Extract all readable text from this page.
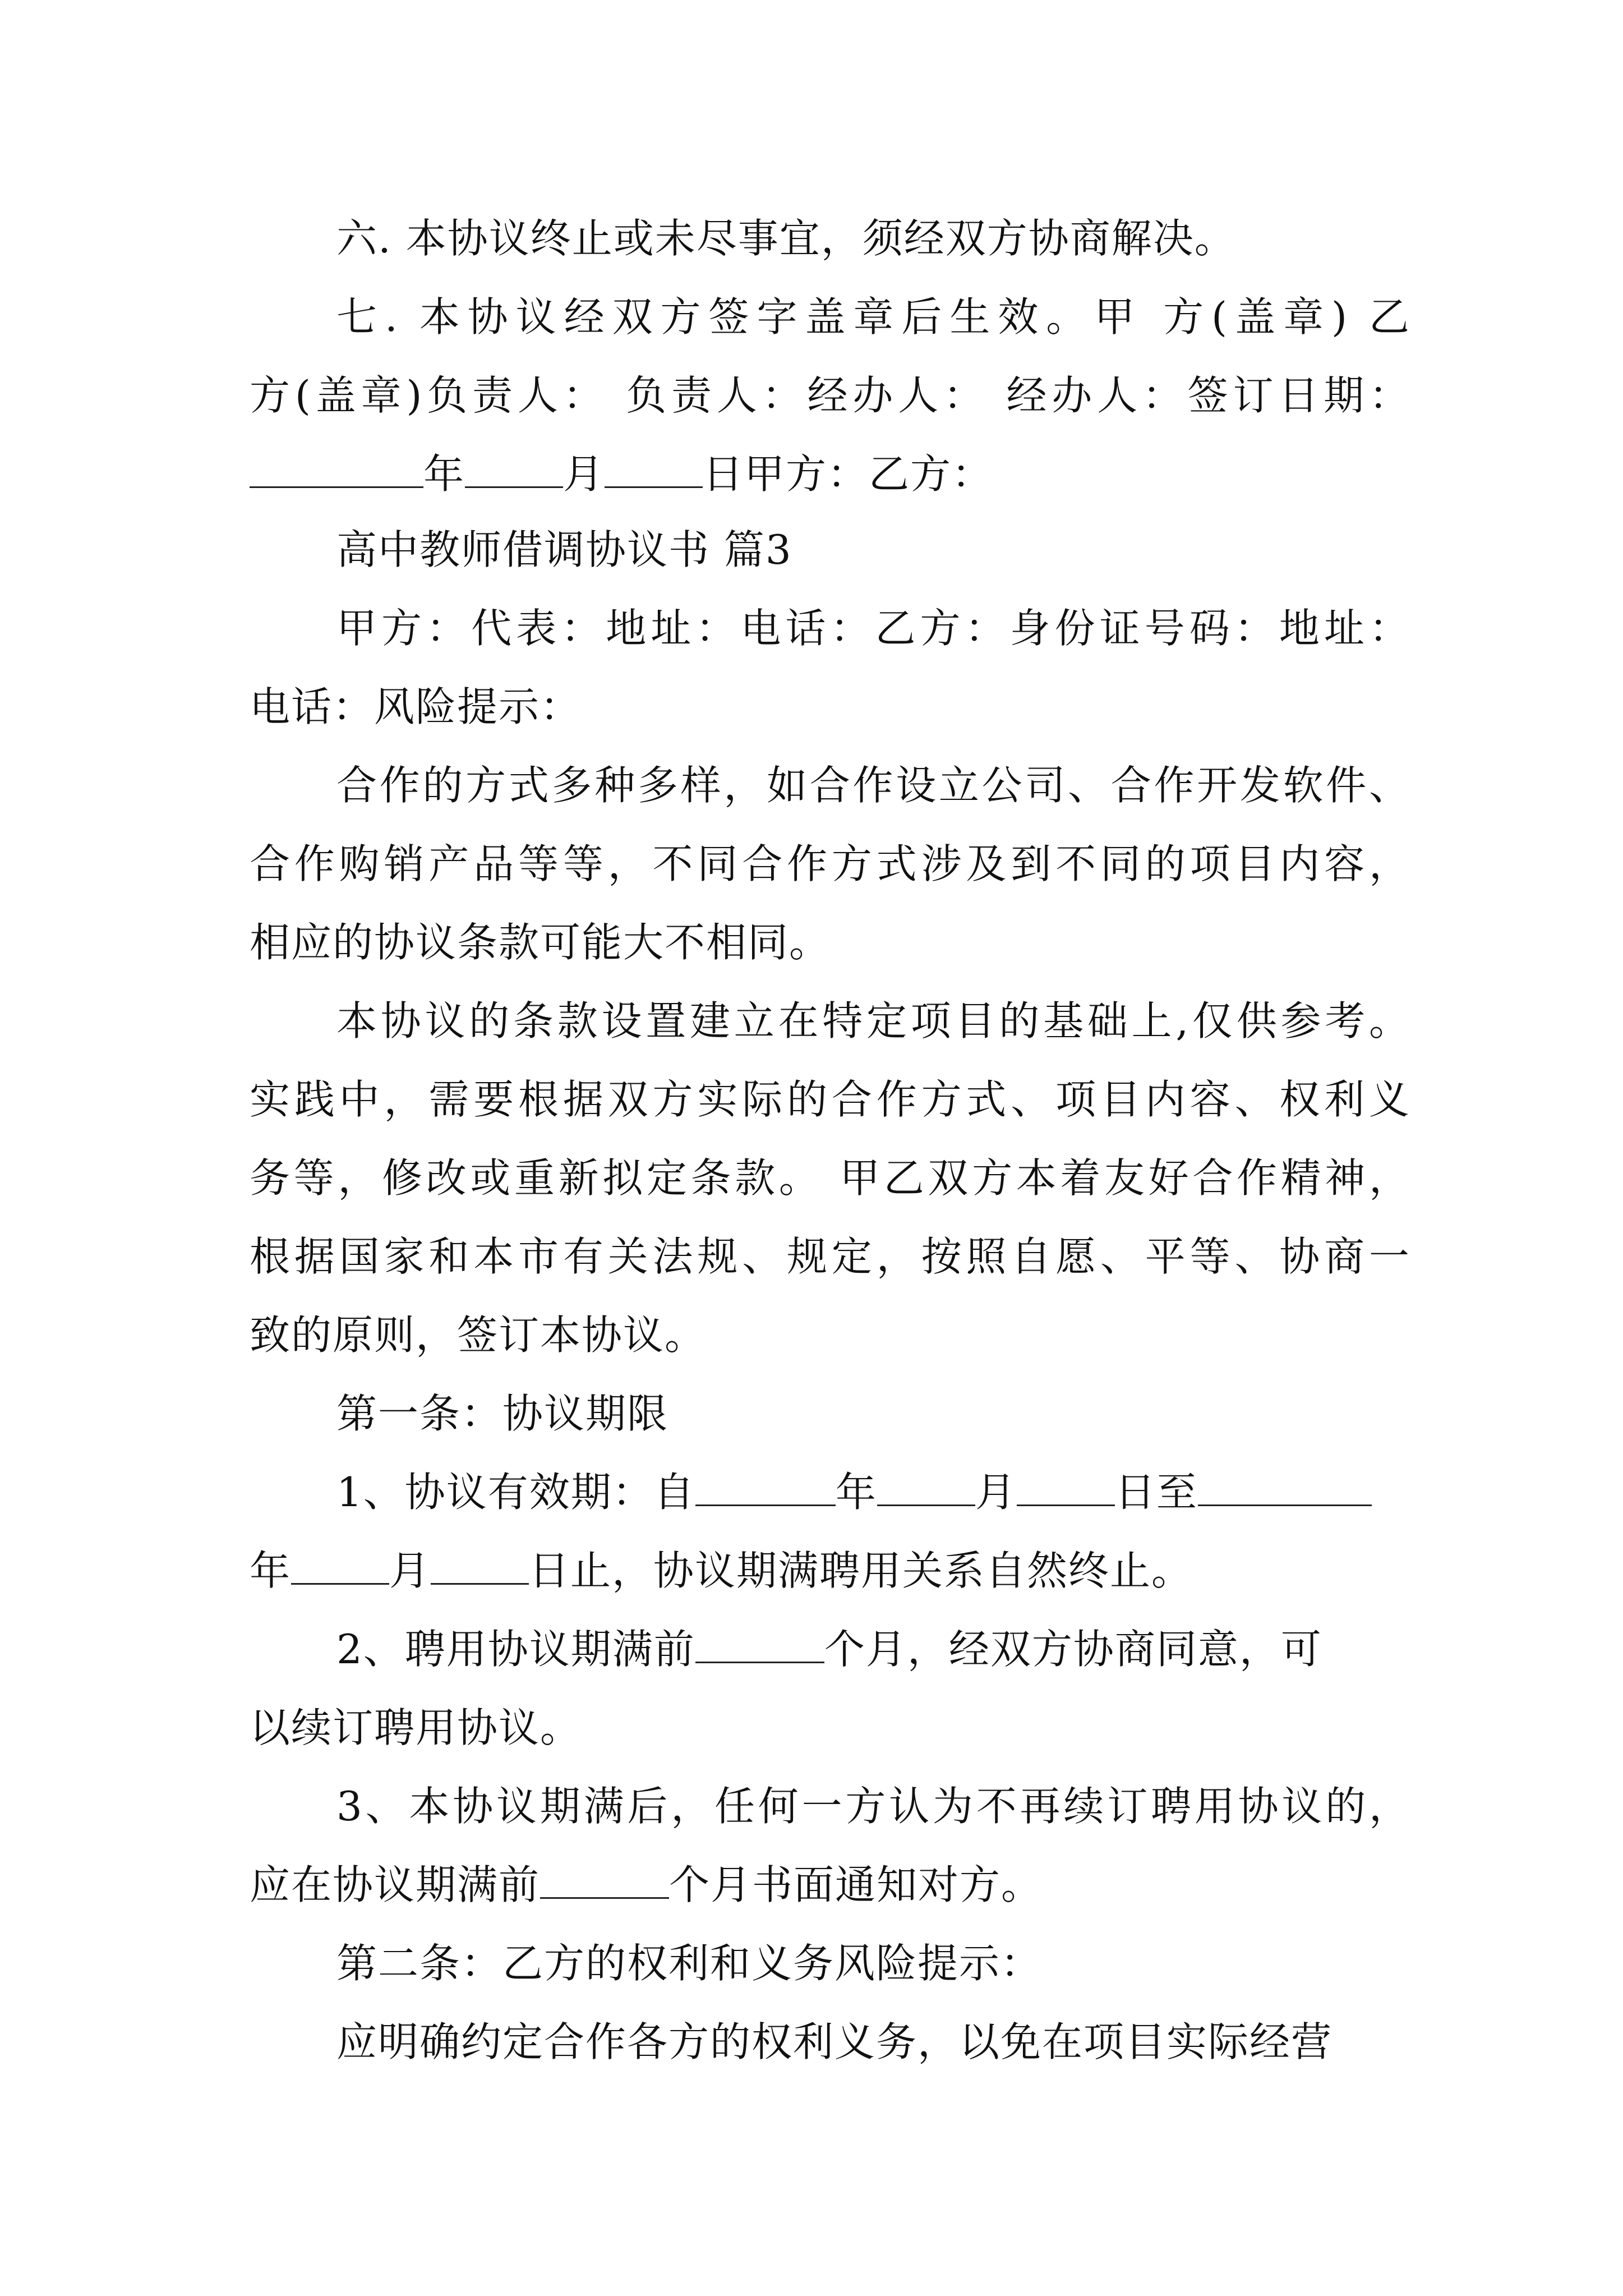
六. 本协议终止或未尽事宜，须经双方协商解决。
七. 本协议经双方签字盖章后生效。甲 方(盖章) 乙
方(盖章)负责人： 负责人：经办人： 经办人：签订日期：
年 月 日甲方：乙方：
高中教师借调协议书 篇3
甲方：代表：地址：电话：乙方：身份证号码：地址：
电话：风险提示：
合作的方式多种多样，如合作设立公司、合作开发软件、
合作购销产品等等，不同合作方式涉及到不同的项目内容，
相应的协议条款可能大不相同。
本协议的条款设置建立在特定项目的基础上,仅供参考。
实践中，需要根据双方实际的合作方式、项目内容、权利义
务等，修改或重新拟定条款。 甲乙双方本着友好合作精神，
根据国家和本市有关法规、规定，按照自愿、平等、协商一
致的原则，签订本协议。
第一条：协议期限
1、协议有效期：自	年 月 日至
年 月 日止，协议期满聘用关系自然终止。
2、聘用协议期满前	个月，经双方协商同意，可
以续订聘用协议。
3、本协议期满后，任何一方认为不再续订聘用协议的，
应在协议期满前	个月书面通知对方。
第二条：乙方的权利和义务风险提示：
应明确约定合作各方的权利义务，以免在项目实际经营
